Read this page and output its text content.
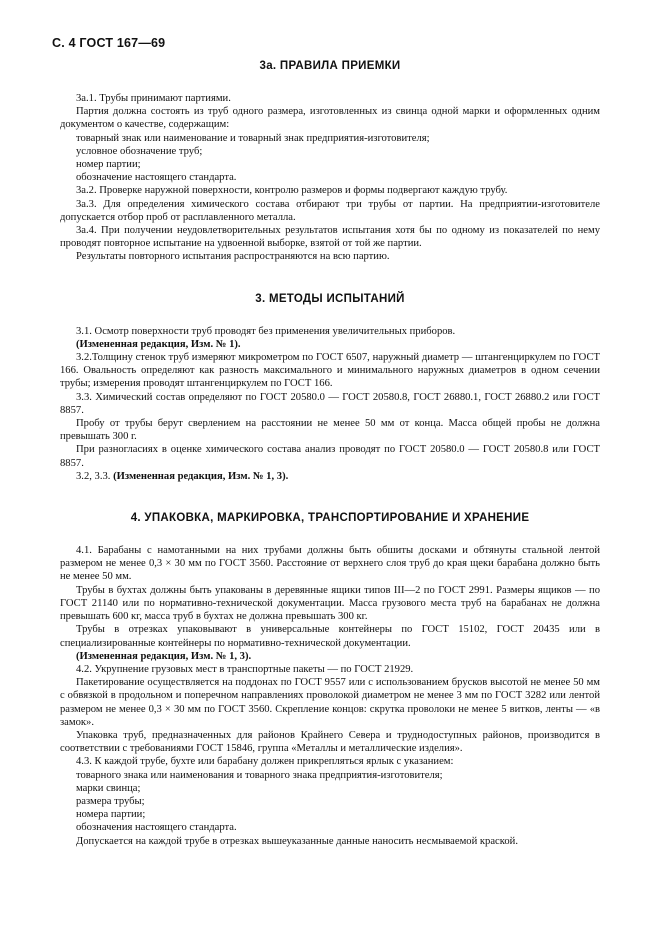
С. 4 ГОСТ 167—69
3а. ПРАВИЛА ПРИЕМКИ

3а.1. Трубы принимают партиями.

Партия должна состоять из труб одного размера, изготовленных из свинца одной марки и оформленных одним документом о качестве, содержащим:

товарный знак или наименование и товарный знак предприятия-изготовителя;

условное обозначение труб;

номер партии;

обозначение настоящего стандарта.

3а.2. Проверке наружной поверхности, контролю размеров и формы подвергают каждую трубу.

3а.3. Для определения химического состава отбирают три трубы от партии. На предприятии-изготовителе допускается отбор проб от расплавленного металла.

3а.4. При получении неудовлетворительных результатов испытания хотя бы по одному из показателей по нему проводят повторное испытание на удвоенной выборке, взятой от той же партии.

Результаты повторного испытания распространяются на всю партию.

3. МЕТОДЫ ИСПЫТАНИЙ

3.1. Осмотр поверхности труб проводят без применения увеличительных приборов.

(Измененная редакция, Изм. № 1).

3.2.Толщину стенок труб измеряют микрометром по ГОСТ 6507, наружный диаметр — штангенциркулем по ГОСТ 166. Овальность определяют как разность максимального и минимального наружных диаметров в одном сечении трубы; измерения проводят штангенциркулем по ГОСТ 166.

3.3. Химический состав определяют по ГОСТ 20580.0 — ГОСТ 20580.8, ГОСТ 26880.1, ГОСТ 26880.2 или ГОСТ 8857.

Пробу от трубы берут сверлением на расстоянии не менее 50 мм от конца. Масса общей пробы не должна превышать 300 г.

При разногласиях в оценке химического состава анализ проводят по ГОСТ 20580.0 — ГОСТ 20580.8 или ГОСТ 8857.

3.2, 3.3. (Измененная редакция, Изм. № 1, 3).

4. УПАКОВКА, МАРКИРОВКА, ТРАНСПОРТИРОВАНИЕ И ХРАНЕНИЕ

4.1. Барабаны с намотанными на них трубами должны быть обшиты досками и обтянуты стальной лентой размером не менее 0,3 × 30 мм по ГОСТ 3560. Расстояние от верхнего слоя труб до края щеки барабана должно быть не менее 50 мм.

Трубы в бухтах должны быть упакованы в деревянные ящики типов III—2 по ГОСТ 2991. Размеры ящиков — по ГОСТ 21140 или по нормативно-технической документации. Масса грузового места труб на барабанах не должна превышать 600 кг, масса труб в бухтах не должна превышать 300 кг.

Трубы в отрезках упаковывают в универсальные контейнеры по ГОСТ 15102, ГОСТ 20435 или в специализированные контейнеры по нормативно-технической документации.

(Измененная редакция, Изм. № 1, 3).

4.2. Укрупнение грузовых мест в транспортные пакеты — по ГОСТ 21929.

Пакетирование осуществляется на поддонах по ГОСТ 9557 или с использованием брусков высотой не менее 50 мм с обвязкой в продольном и поперечном направлениях проволокой диаметром не менее 3 мм по ГОСТ 3282 или лентой размером не менее 0,3 × 30 мм по ГОСТ 3560. Скрепление концов: скрутка проволоки не менее 5 витков, ленты — «в замок».

Упаковка труб, предназначенных для районов Крайнего Севера и труднодоступных районов, производится в соответствии с требованиями ГОСТ 15846, группа «Металлы и металлические изделия».

4.3. К каждой трубе, бухте или барабану должен прикрепляться ярлык с указанием:

товарного знака или наименования и товарного знака предприятия-изготовителя;

марки свинца;

размера трубы;

номера партии;

обозначения настоящего стандарта.

Допускается на каждой трубе в отрезках вышеуказанные данные наносить несмываемой краской.
